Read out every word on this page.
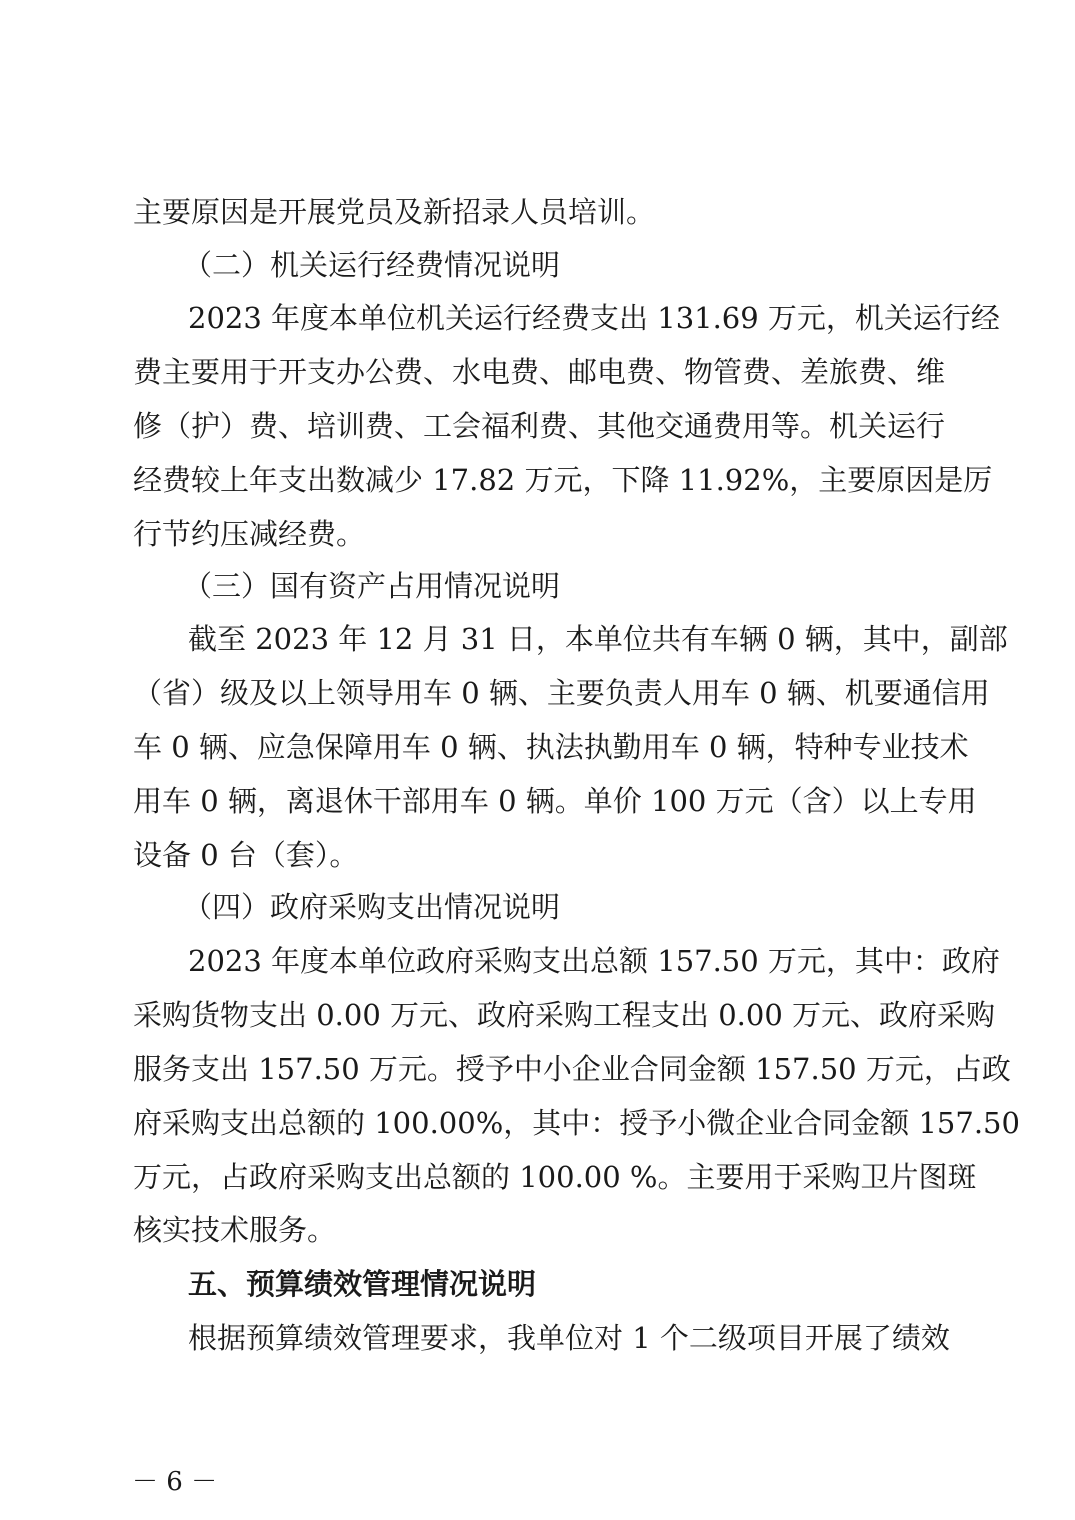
主要原因是开展党员及新招录人员培训。
（二）机关运行经费情况说明
2023 年度本单位机关运行经费支出 131.69 万元，机关运行经
费主要用于开支办公费、水电费、邮电费、物管费、差旅费、维
修（护）费、培训费、工会福利费、其他交通费用等。机关运行
经费较上年支出数减少 17.82 万元，下降 11.92%，主要原因是厉
行节约压减经费。
（三）国有资产占用情况说明
截至 2023 年 12 月 31 日，本单位共有车辆 0 辆，其中，副部
（省）级及以上领导用车 0 辆、主要负责人用车 0 辆、机要通信用
车 0 辆、应急保障用车 0 辆、执法执勤用车 0 辆，特种专业技术
用车 0 辆，离退休干部用车 0 辆。单价 100 万元（含）以上专用
设备 0 台（套）。
（四）政府采购支出情况说明
2023 年度本单位政府采购支出总额 157.50 万元，其中：政府
采购货物支出 0.00 万元、政府采购工程支出 0.00 万元、政府采购
服务支出 157.50 万元。授予中小企业合同金额 157.50 万元，占政
府采购支出总额的 100.00%，其中：授予小微企业合同金额 157.50
万元，占政府采购支出总额的 100.00 %。主要用于采购卫片图斑
核实技术服务。
五、预算绩效管理情况说明
根据预算绩效管理要求，我单位对 1 个二级项目开展了绩效
－ 6 －
